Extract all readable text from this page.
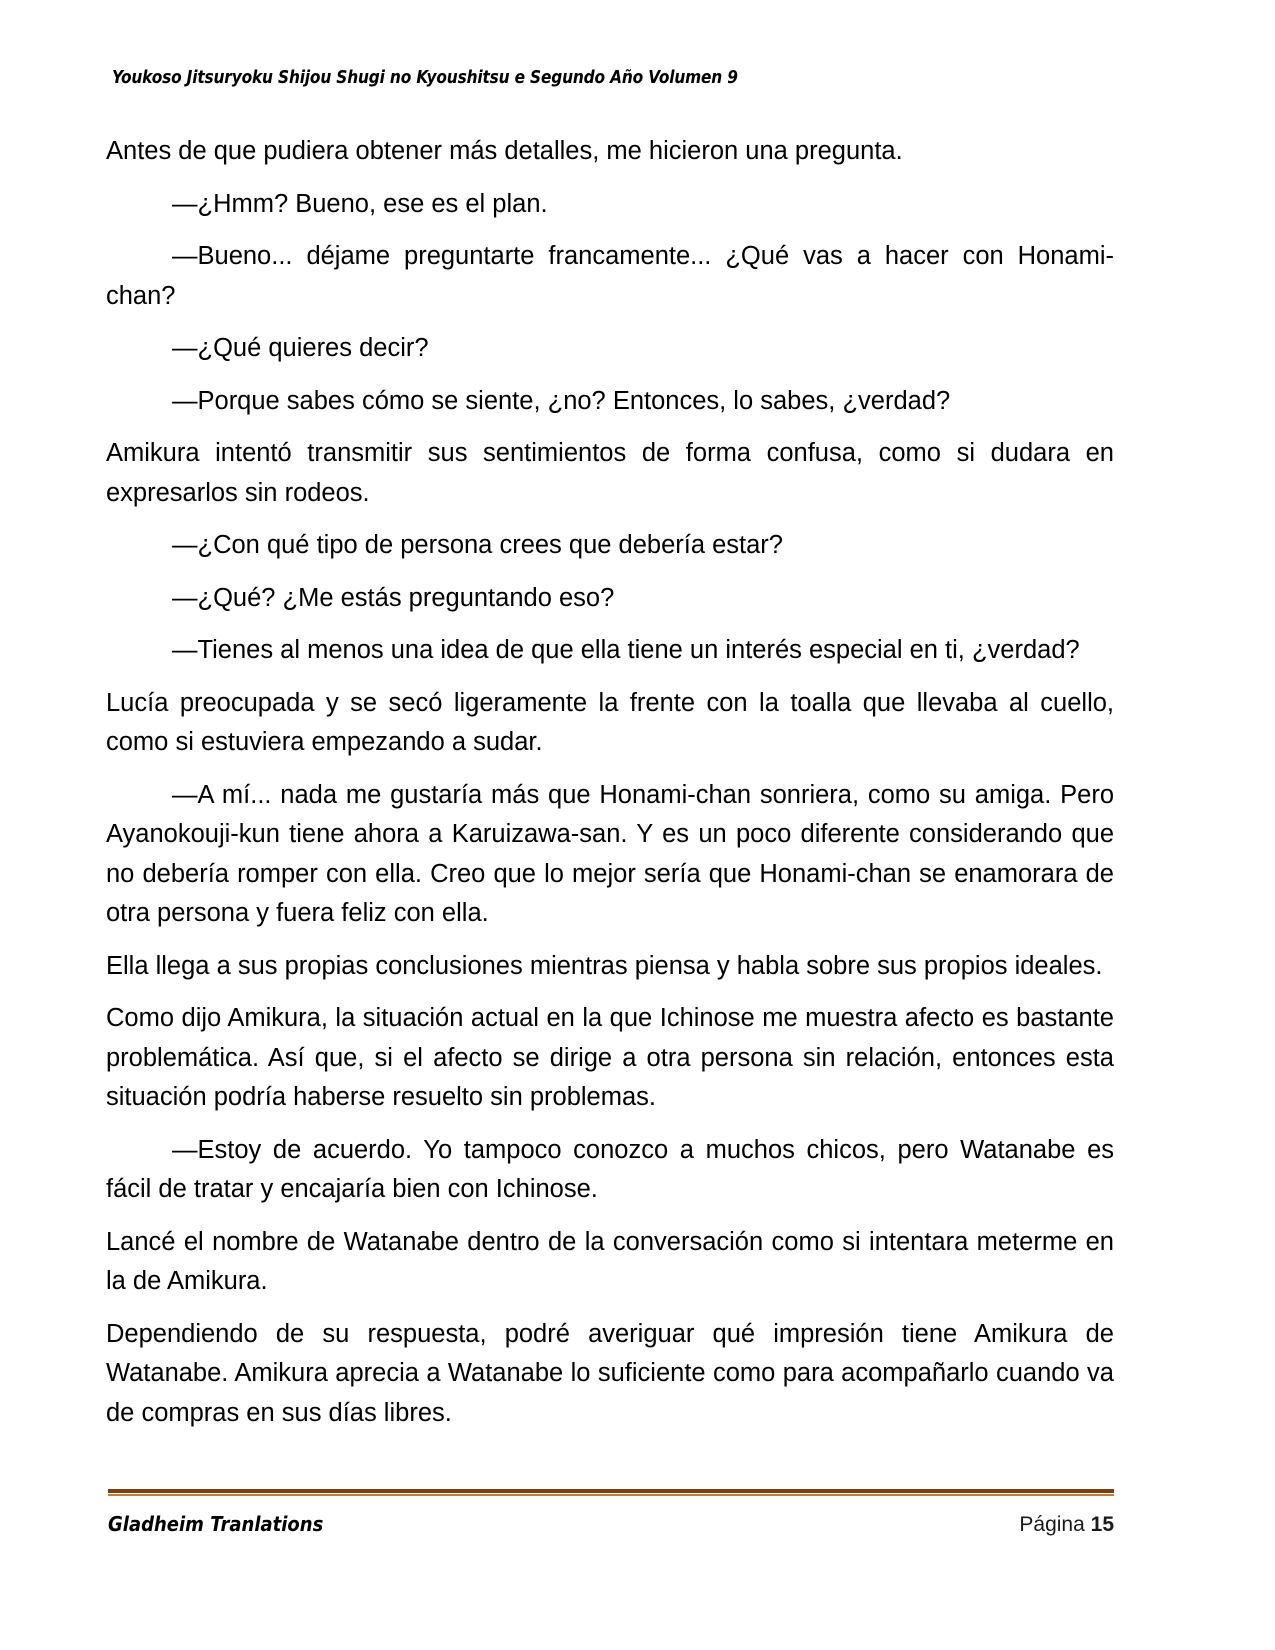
Youkoso Jitsuryoku Shijou Shugi no Kyoushitsu e Segundo Año Volumen 9

Antes de que pudiera obtener más detalles, me hicieron una pregunta.

—¿Hmm? Bueno, ese es el plan.

—Bueno... déjame preguntarte francamente... ¿Qué vas a hacer con Honami-chan?

—¿Qué quieres decir?

—Porque sabes cómo se siente, ¿no? Entonces, lo sabes, ¿verdad?

Amikura intentó transmitir sus sentimientos de forma confusa, como si dudara en expresarlos sin rodeos.

—¿Con qué tipo de persona crees que debería estar?

—¿Qué? ¿Me estás preguntando eso?

—Tienes al menos una idea de que ella tiene un interés especial en ti, ¿verdad?

Lucía preocupada y se secó ligeramente la frente con la toalla que llevaba al cuello, como si estuviera empezando a sudar.

—A mí... nada me gustaría más que Honami-chan sonriera, como su amiga. Pero Ayanokouji-kun tiene ahora a Karuizawa-san. Y es un poco diferente considerando que no debería romper con ella. Creo que lo mejor sería que Honami-chan se enamorara de otra persona y fuera feliz con ella.

Ella llega a sus propias conclusiones mientras piensa y habla sobre sus propios ideales.

Como dijo Amikura, la situación actual en la que Ichinose me muestra afecto es bastante problemática. Así que, si el afecto se dirige a otra persona sin relación, entonces esta situación podría haberse resuelto sin problemas.

—Estoy de acuerdo. Yo tampoco conozco a muchos chicos, pero Watanabe es fácil de tratar y encajaría bien con Ichinose.

Lancé el nombre de Watanabe dentro de la conversación como si intentara meterme en la de Amikura.

Dependiendo de su respuesta, podré averiguar qué impresión tiene Amikura de Watanabe. Amikura aprecia a Watanabe lo suficiente como para acompañarlo cuando va de compras en sus días libres.

Gladheim Tranlations	Página 15
